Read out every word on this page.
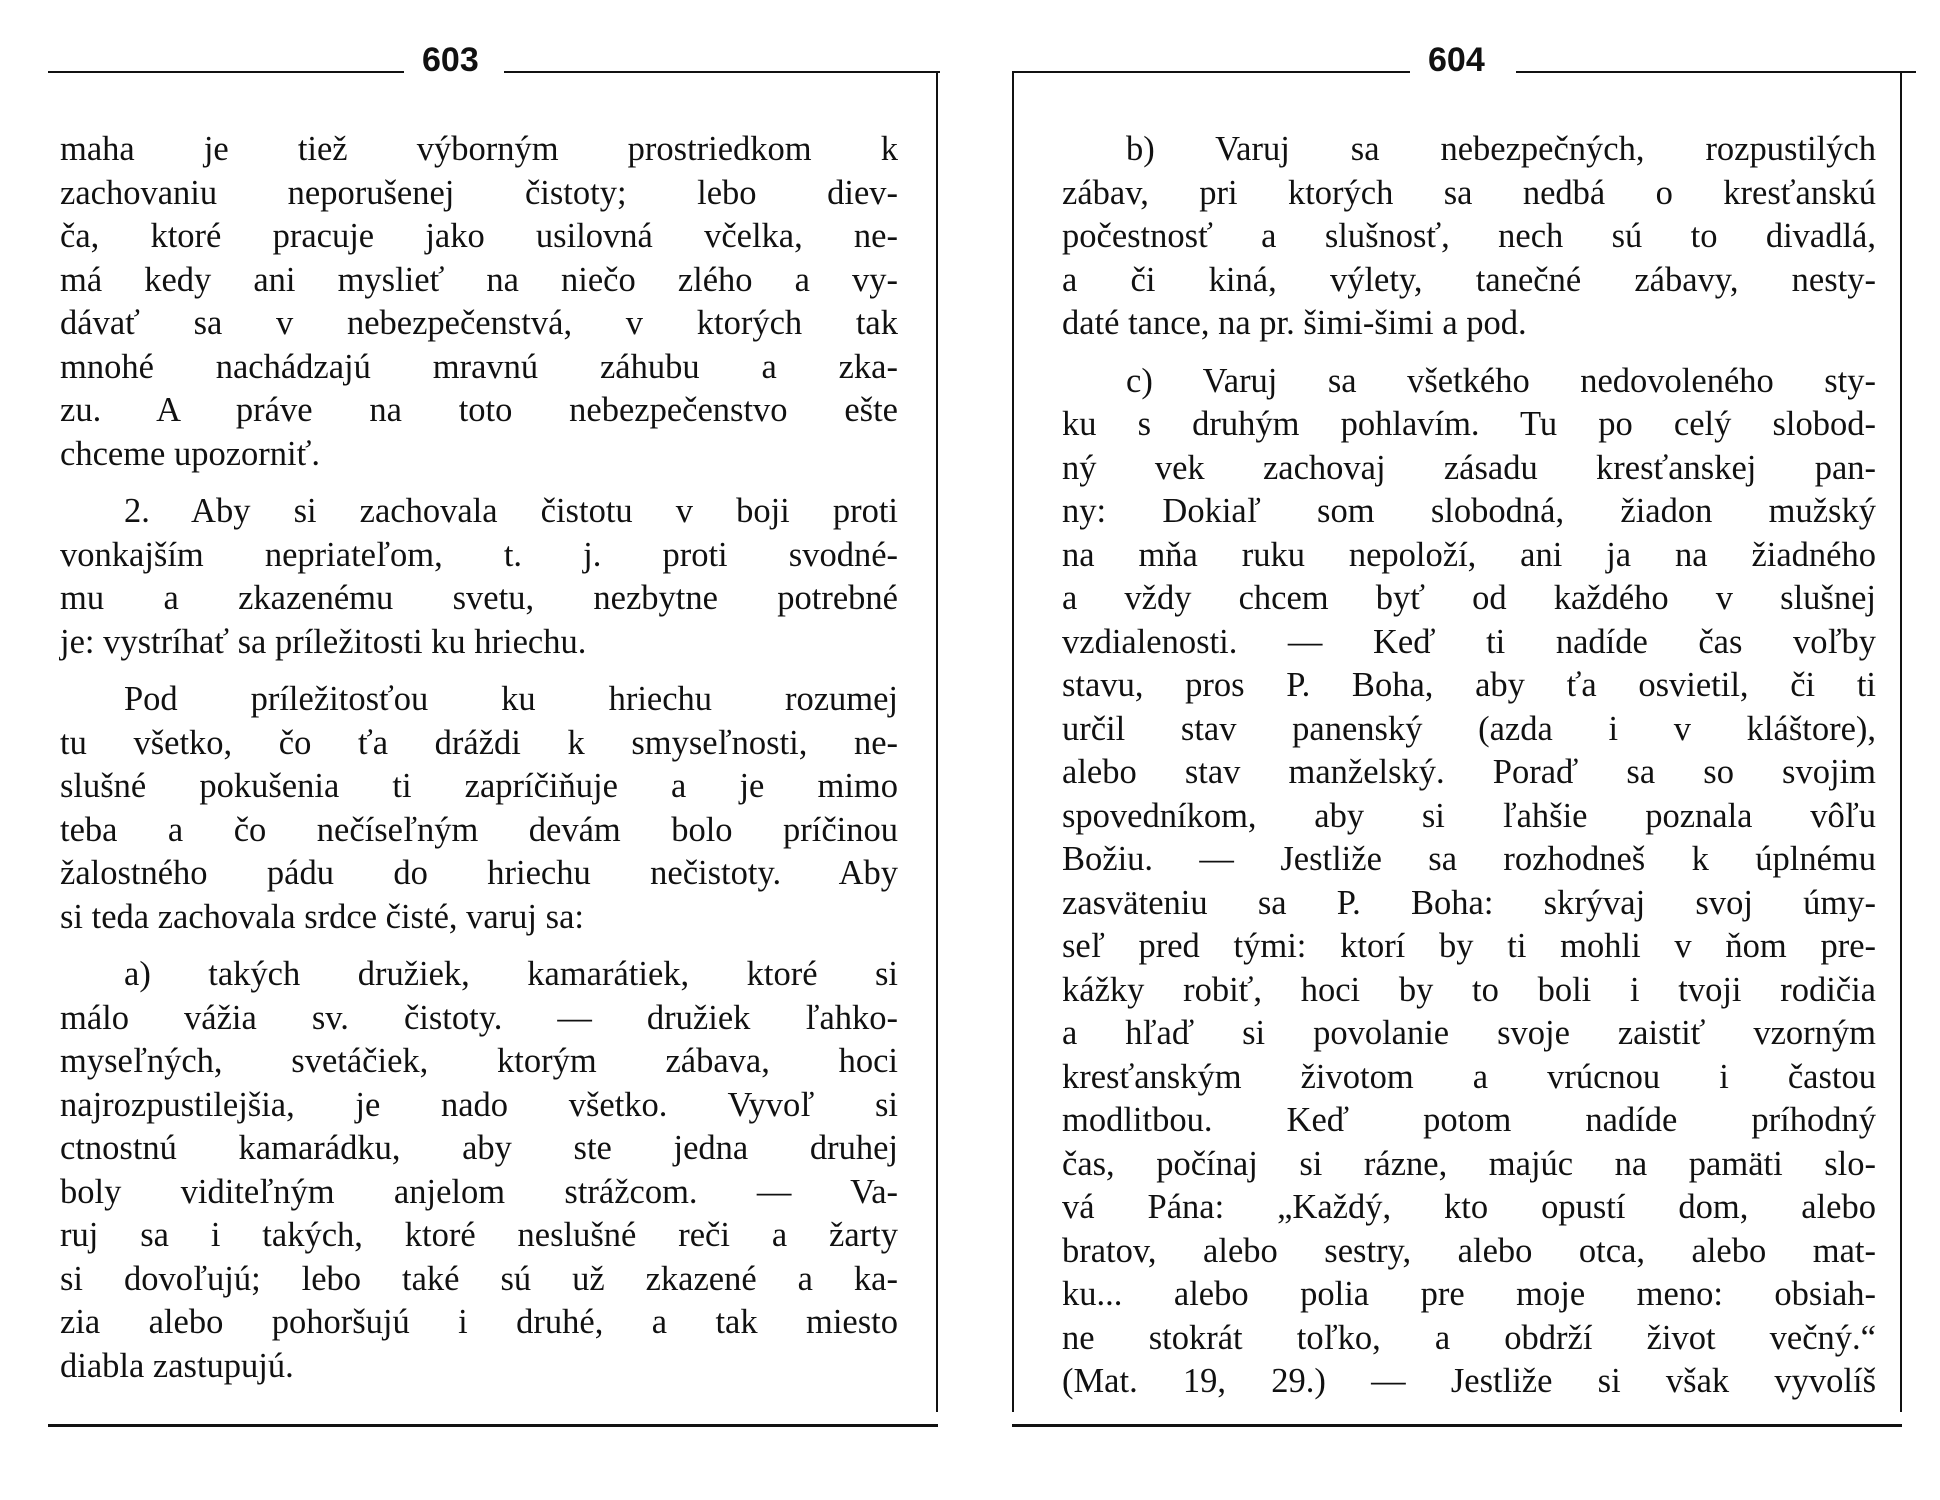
603
maha je tiež výborným prostriedkom k
zachovaniu neporušenej čistoty; lebo diev-
ča, ktoré pracuje jako usilovná včelka, ne-
má kedy ani myslieť na niečo zlého a vy-
dávať sa v nebezpečenstvá, v ktorých tak
mnohé nachádzajú mravnú záhubu a zka-
zu. A práve na toto nebezpečenstvo ešte
chceme upozorniť.
2. Aby si zachovala čistotu v boji proti
vonkajším nepriateľom, t. j. proti svodné-
mu a zkazenému svetu, nezbytne potrebné
je: vystríhať sa príležitosti ku hriechu.
Pod príležitosťou ku hriechu rozumej
tu všetko, čo ťa dráždi k smyseľnosti, ne-
slušné pokušenia ti zapríčiňuje a je mimo
teba a čo nečíseľným devám bolo príčinou
žalostného pádu do hriechu nečistoty. Aby
si teda zachovala srdce čisté, varuj sa:
a) takých družiek, kamarátiek, ktoré si
málo vážia sv. čistoty. — družiek ľahko-
myseľných, svetáčiek, ktorým zábava, hoci
najrozpustilejšia, je nado všetko. Vyvoľ si
ctnostnú kamarádku, aby ste jedna druhej
boly viditeľným anjelom strážcom. — Va-
ruj sa i takých, ktoré neslušné reči a žarty
si dovoľujú; lebo také sú už zkazené a ka-
zia alebo pohoršujú i druhé, a tak miesto
diabla zastupujú.
604
b) Varuj sa nebezpečných, rozpustilých
zábav, pri ktorých sa nedbá o kresťanskú
počestnosť a slušnosť, nech sú to divadlá,
a či kiná, výlety, tanečné zábavy, nesty-
daté tance, na pr. šimi-šimi a pod.
c) Varuj sa všetkého nedovoleného sty-
ku s druhým pohlavím. Tu po celý slobod-
ný vek zachovaj zásadu kresťanskej pan-
ny: Dokiaľ som slobodná, žiadon mužský
na mňa ruku nepoloží, ani ja na žiadného
a vždy chcem byť od každého v slušnej
vzdialenosti. — Keď ti nadíde čas voľby
stavu, pros P. Boha, aby ťa osvietil, či ti
určil stav panenský (azda i v kláštore),
alebo stav manželský. Poraď sa so svojim
spovedníkom, aby si ľahšie poznala vôľu
Božiu. — Jestliže sa rozhodneš k úplnému
zasväteniu sa P. Boha: skrývaj svoj úmy-
seľ pred tými: ktorí by ti mohli v ňom pre-
kážky robiť, hoci by to boli i tvoji rodičia
a hľaď si povolanie svoje zaistiť vzorným
kresťanským životom a vrúcnou i častou
modlitbou. Keď potom nadíde príhodný
čas, počínaj si rázne, majúc na pamäti slo-
vá Pána: „Každý, kto opustí dom, alebo
bratov, alebo sestry, alebo otca, alebo mat-
ku... alebo polia pre moje meno: obsiah-
ne stokrát toľko, a obdrží život večný.“
(Mat. 19, 29.) — Jestliže si však vyvolíš
